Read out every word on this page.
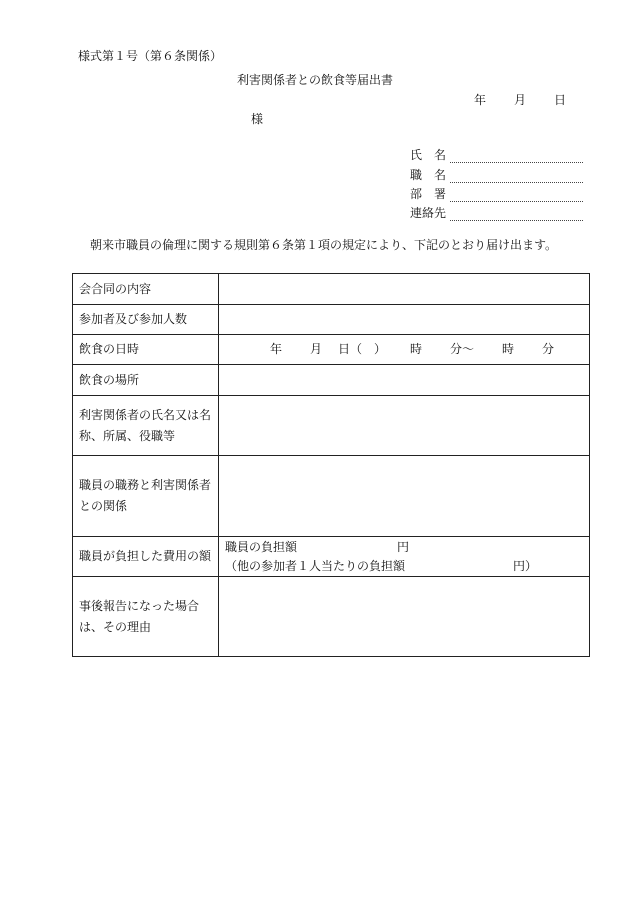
様式第１号（第６条関係）
利害関係者との飲食等届出書
年 月 日
様
氏　名
職　名
部　署
連絡先
朝来市職員の倫理に関する規則第６条第１項の規定により、下記のとおり届け出ます。
会合同の内容	
参加者及び参加人数	
飲食の日時	年 月 日（　） 時 分～ 時 分
飲食の場所	
利害関係者の氏名又は名称、所属、役職等	
職員の職務と利害関係者との関係	
職員が負担した費用の額	職員の負担額 円
（他の参加者１人当たりの負担額 円）

事後報告になった場合は、その理由	
